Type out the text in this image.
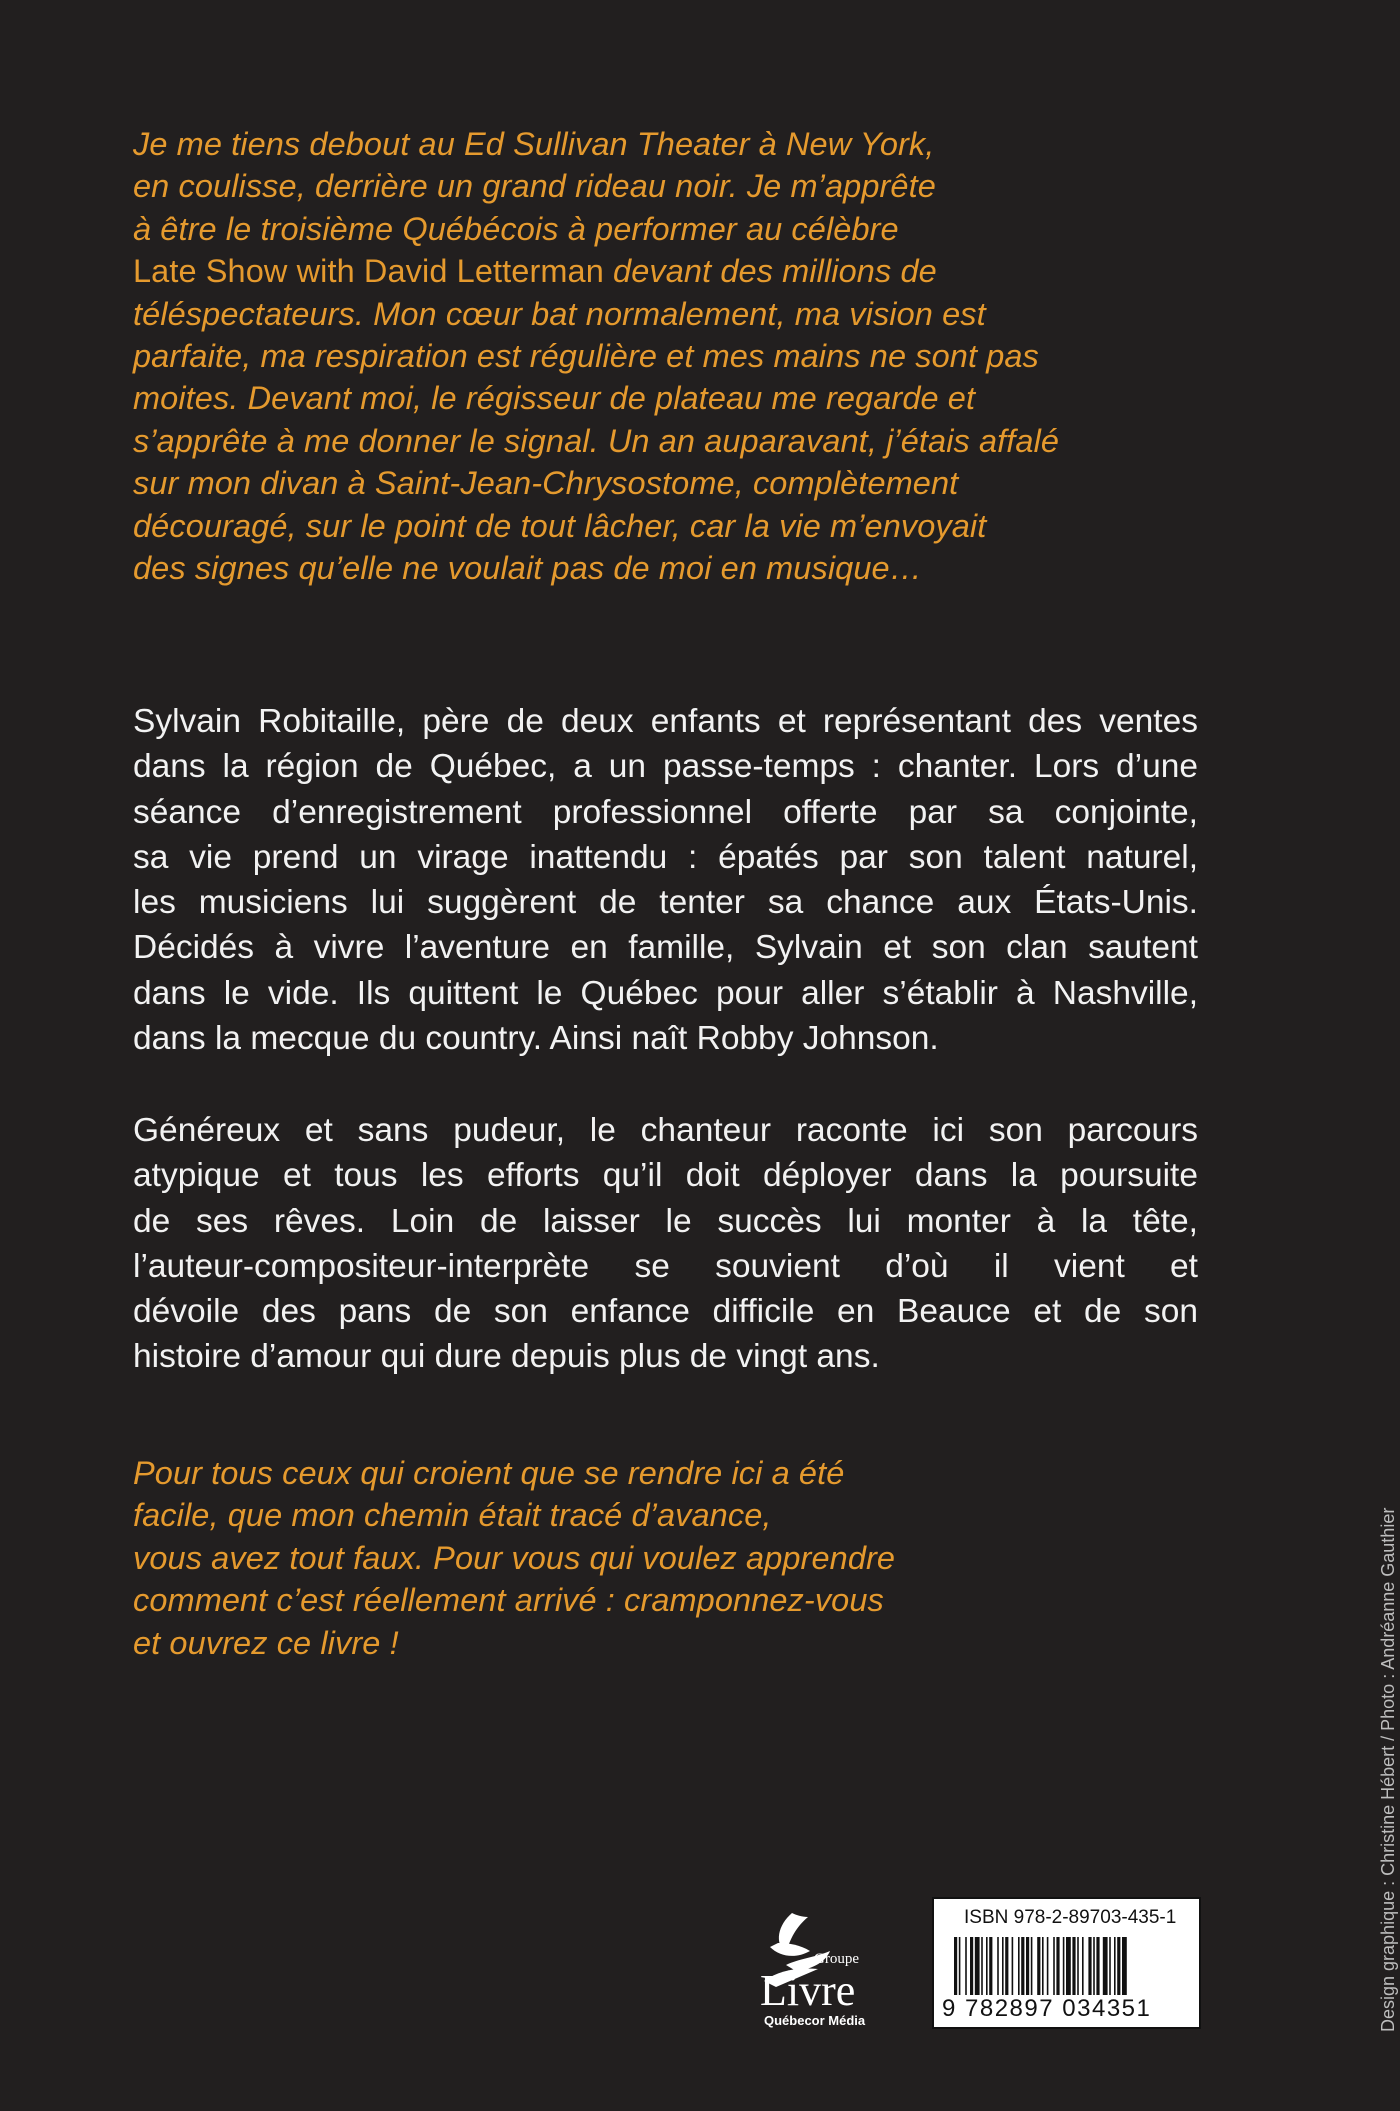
Je me tiens debout au Ed Sullivan Theater à New York,
en coulisse, derrière un grand rideau noir. Je m’apprête
à être le troisième Québécois à performer au célèbre
Late Show with David Letterman devant des millions de
téléspectateurs. Mon cœur bat normalement, ma vision est
parfaite, ma respiration est régulière et mes mains ne sont pas
moites. Devant moi, le régisseur de plateau me regarde et
s’apprête à me donner le signal. Un an auparavant, j’étais affalé
sur mon divan à Saint-Jean-Chrysostome, complètement
découragé, sur le point de tout lâcher, car la vie m’envoyait
des signes qu’elle ne voulait pas de moi en musique…
Sylvain Robitaille, père de deux enfants et représentant des ventes
dans la région de Québec, a un passe-temps : chanter. Lors d’une
séance d’enregistrement professionnel offerte par sa conjointe,
sa vie prend un virage inattendu : épatés par son talent naturel,
les musiciens lui suggèrent de tenter sa chance aux États-Unis.
Décidés à vivre l’aventure en famille, Sylvain et son clan sautent
dans le vide. Ils quittent le Québec pour aller s’établir à Nashville,
dans la mecque du country. Ainsi naît Robby Johnson.
Généreux et sans pudeur, le chanteur raconte ici son parcours
atypique et tous les efforts qu’il doit déployer dans la poursuite
de ses rêves. Loin de laisser le succès lui monter à la tête,
l’auteur-compositeur-interprète se souvient d’où il vient et
dévoile des pans de son enfance difficile en Beauce et de son
histoire d’amour qui dure depuis plus de vingt ans.
Pour tous ceux qui croient que se rendre ici a été
facile, que mon chemin était tracé d’avance,
vous avez tout faux. Pour vous qui voulez apprendre
comment c’est réellement arrivé : cramponnez-vous
et ouvrez ce livre !
Groupe
Livre
Québecor Média
ISBN 978-2-89703-435-1
9 782897 034351	Design graphique : Christine Hébert / Photo : Andréanne Gauthier
